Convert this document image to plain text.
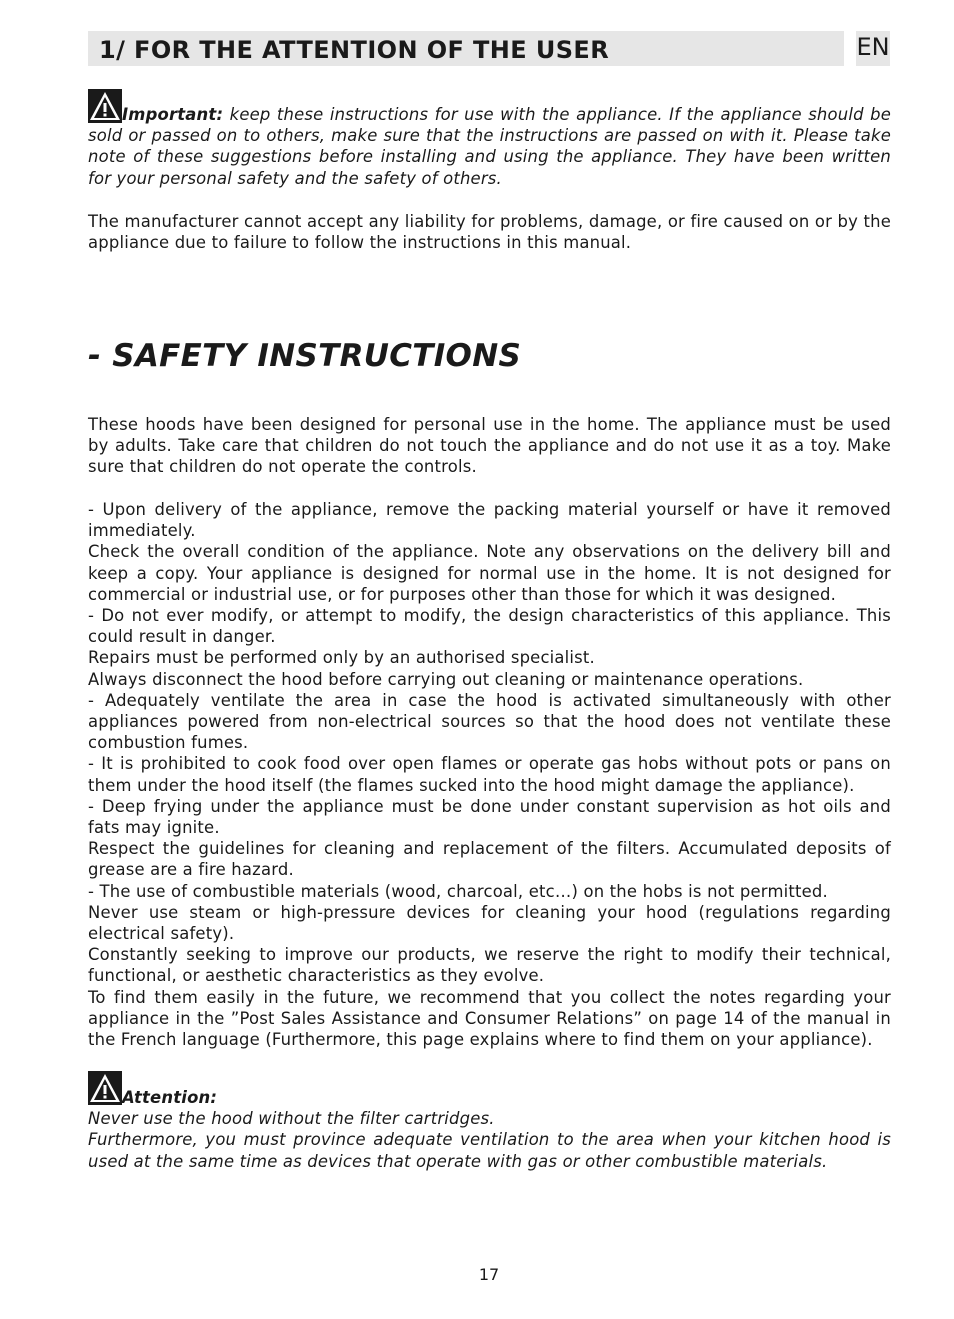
1/ FOR THE ATTENTION OF THE USER	EN
Important: keep these instructions for use with the appliance. If the appliance should be sold or passed on to others, make sure that the instructions are passed on with it. Please take note of these suggestions before installing and using the appliance. They have been written for your personal safety and the safety of others.
The manufacturer cannot accept any liability for problems, damage, or fire caused on or by the appliance due to failure to follow the instructions in this manual.
- SAFETY INSTRUCTIONS
These hoods have been designed for personal use in the home. The appliance must be used by adults. Take care that children do not touch the appliance and do not use it as a toy. Make sure that children do not operate the controls.

- Upon delivery of the appliance, remove the packing material yourself or have it removed immediately.

Check the overall condition of the appliance. Note any observations on the delivery bill and keep a copy. Your appliance is designed for normal use in the home. It is not designed for commercial or industrial use, or for purposes other than those for which it was designed.

- Do not ever modify, or attempt to modify, the design characteristics of this appliance. This could result in danger.

Repairs must be performed only by an authorised specialist.

Always disconnect the hood before carrying out cleaning or maintenance operations.

- Adequately ventilate the area in case the hood is activated simultaneously with other appliances powered from non-electrical sources so that the hood does not ventilate these combustion fumes.

- It is prohibited to cook food over open flames or operate gas hobs without pots or pans on them under the hood itself (the flames sucked into the hood might damage the appliance).

- Deep frying under the appliance must be done under constant supervision as hot oils and fats may ignite.

Respect the guidelines for cleaning and replacement of the filters. Accumulated deposits of grease are a fire hazard.

- The use of combustible materials (wood, charcoal, etc…) on the hobs is not permitted.

Never use steam or high-pressure devices for cleaning your hood (regulations regarding electrical safety).

Constantly seeking to improve our products, we reserve the right to modify their technical, functional, or aesthetic characteristics as they evolve.

To find them easily in the future, we recommend that you collect the notes regarding your appliance in the ”Post Sales Assistance and Consumer Relations” on page 14 of the manual in the French language (Furthermore, this page explains where to find them on your appliance).

Attention:

Never use the hood without the filter cartridges.

Furthermore, you must province adequate ventilation to the area when your kitchen hood is used at the same time as devices that operate with gas or other combustible materials.

17
